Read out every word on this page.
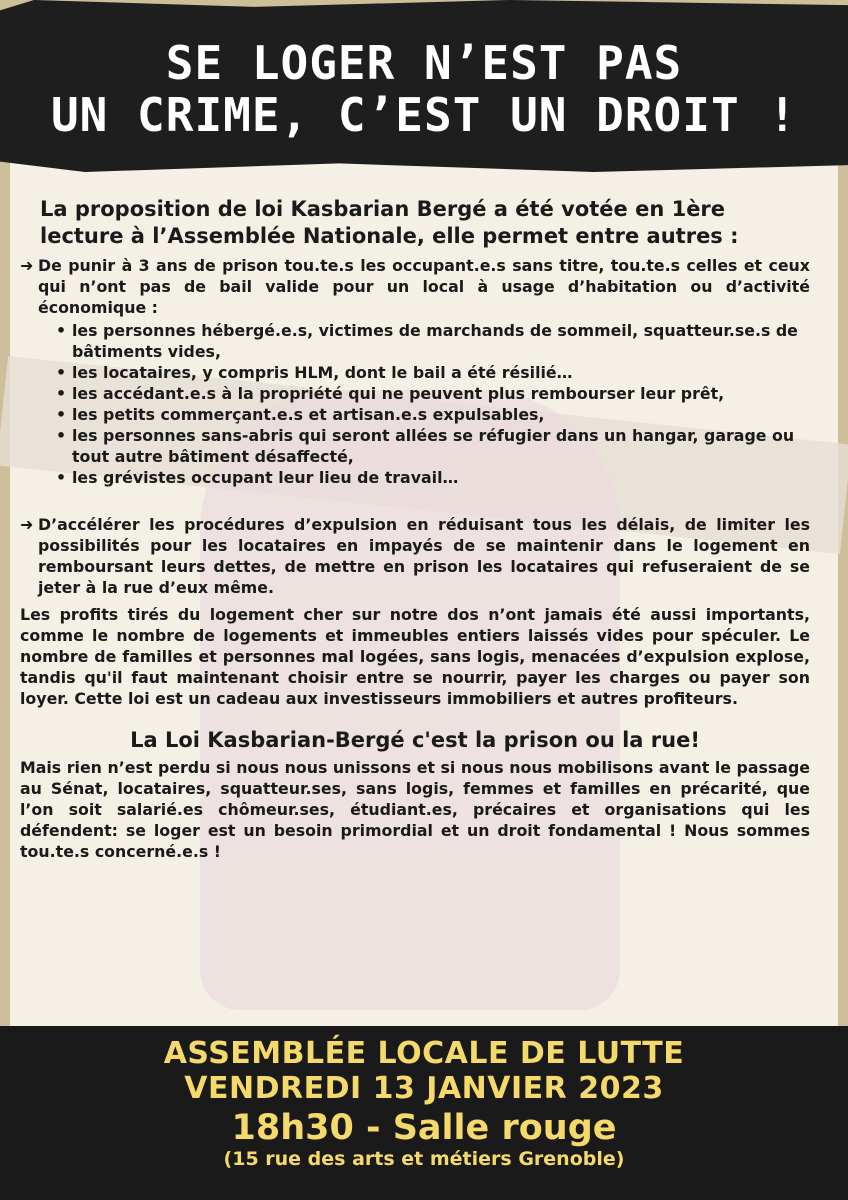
SE LOGER N’EST PAS
UN CRIME, C’EST UN DROIT !

La proposition de loi Kasbarian Bergé a été votée en 1ère lecture à l’Assemblée Nationale, elle permet entre autres :

➜ De punir à 3 ans de prison tou.te.s les occupant.e.s sans titre, tou.te.s celles et ceux qui n’ont pas de bail valide pour un local à usage d’habitation ou d’activité économique :
• les personnes hébergé.e.s, victimes de marchands de sommeil, squatteur.se.s de bâtiments vides,
• les locataires, y compris HLM, dont le bail a été résilié…
• les accédant.e.s à la propriété qui ne peuvent plus rembourser leur prêt,
• les petits commerçant.e.s et artisan.e.s expulsables,
• les personnes sans-abris qui seront allées se réfugier dans un hangar, garage ou tout autre bâtiment désaffecté,
• les grévistes occupant leur lieu de travail…
➜ D’accélérer les procédures d’expulsion en réduisant tous les délais, de limiter les possibilités pour les locataires en impayés de se maintenir dans le logement en remboursant leurs dettes, de mettre en prison les locataires qui refuseraient de se jeter à la rue d’eux même.

Les profits tirés du logement cher sur notre dos n’ont jamais été aussi importants, comme le nombre de logements et immeubles entiers laissés vides pour spéculer. Le nombre de familles et personnes mal logées, sans logis, menacées d’expulsion explose, tandis qu'il faut maintenant choisir entre se nourrir, payer les charges ou payer son loyer. Cette loi est un cadeau aux investisseurs immobiliers et autres profiteurs.

La Loi Kasbarian-Bergé c'est la prison ou la rue!

Mais rien n’est perdu si nous nous unissons et si nous nous mobilisons avant le passage au Sénat, locataires, squatteur.ses, sans logis, femmes et familles en précarité, que l’on soit salarié.es chômeur.ses, étudiant.es, précaires et organisations qui les défendent: se loger est un besoin primordial et un droit fondamental ! Nous sommes tou.te.s concerné.e.s !

ASSEMBLÉE LOCALE DE LUTTE
VENDREDI 13 JANVIER 2023
18h30 - Salle rouge
(15 rue des arts et métiers Grenoble)
